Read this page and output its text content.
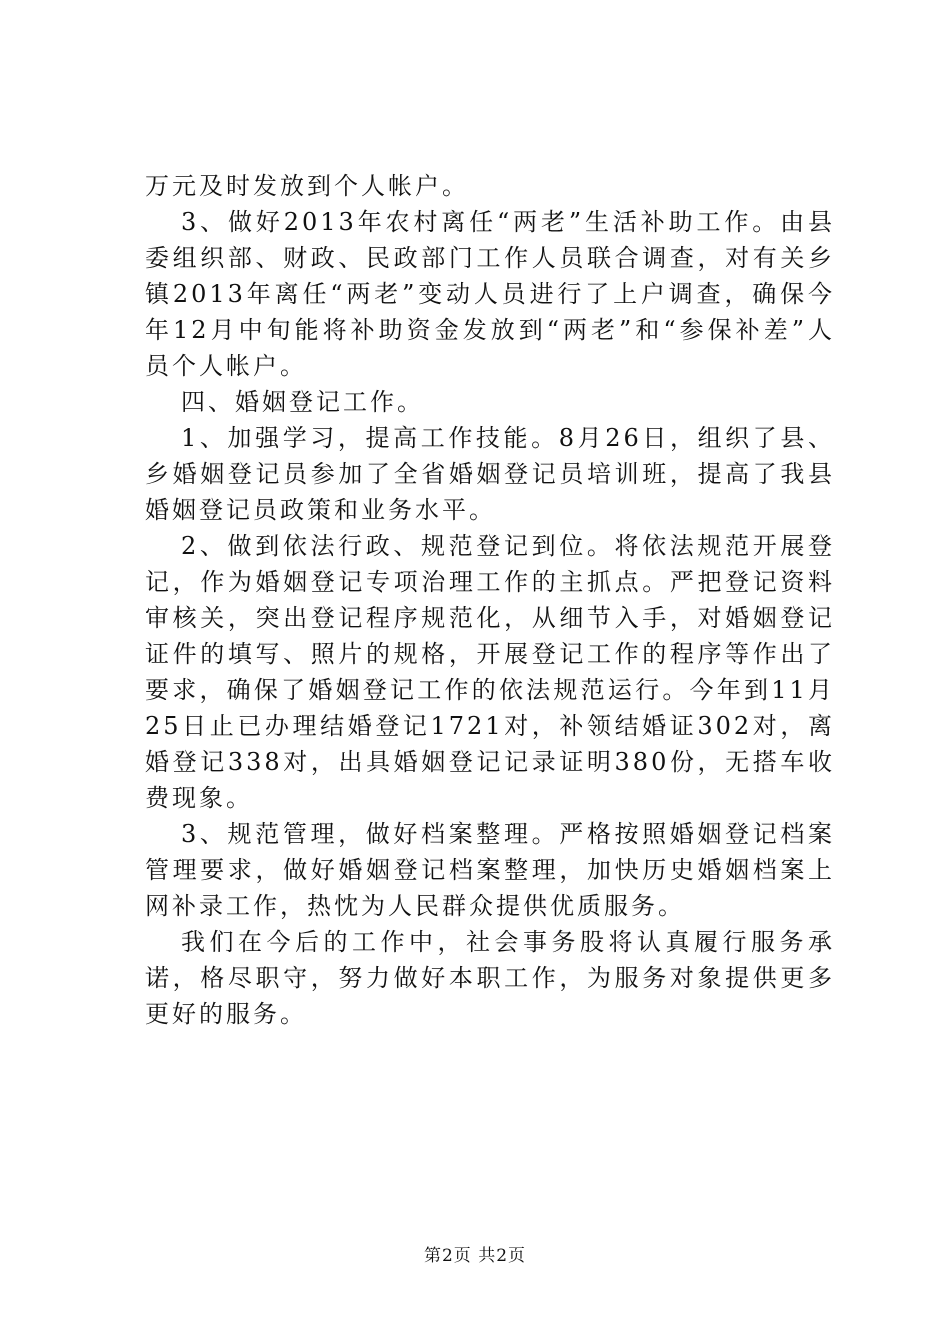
万元及时发放到个人帐户。

3、做好2013年农村离任“两老”生活补助工作。由县委组织部、财政、民政部门工作人员联合调查，对有关乡镇2013年离任“两老”变动人员进行了上户调查，确保今年12月中旬能将补助资金发放到“两老”和“参保补差”人员个人帐户。

四、婚姻登记工作。

1、加强学习，提高工作技能。8月26日，组织了县、乡婚姻登记员参加了全省婚姻登记员培训班，提高了我县婚姻登记员政策和业务水平。

2、做到依法行政、规范登记到位。将依法规范开展登记，作为婚姻登记专项治理工作的主抓点。严把登记资料审核关，突出登记程序规范化，从细节入手，对婚姻登记证件的填写、照片的规格，开展登记工作的程序等作出了要求，确保了婚姻登记工作的依法规范运行。今年到11月25日止已办理结婚登记1721对，补领结婚证302对，离婚登记338对，出具婚姻登记记录证明380份，无搭车收费现象。

3、规范管理，做好档案整理。严格按照婚姻登记档案管理要求，做好婚姻登记档案整理，加快历史婚姻档案上网补录工作，热忱为人民群众提供优质服务。

我们在今后的工作中，社会事务股将认真履行服务承诺，格尽职守，努力做好本职工作，为服务对象提供更多更好的服务。

第2页 共2页
